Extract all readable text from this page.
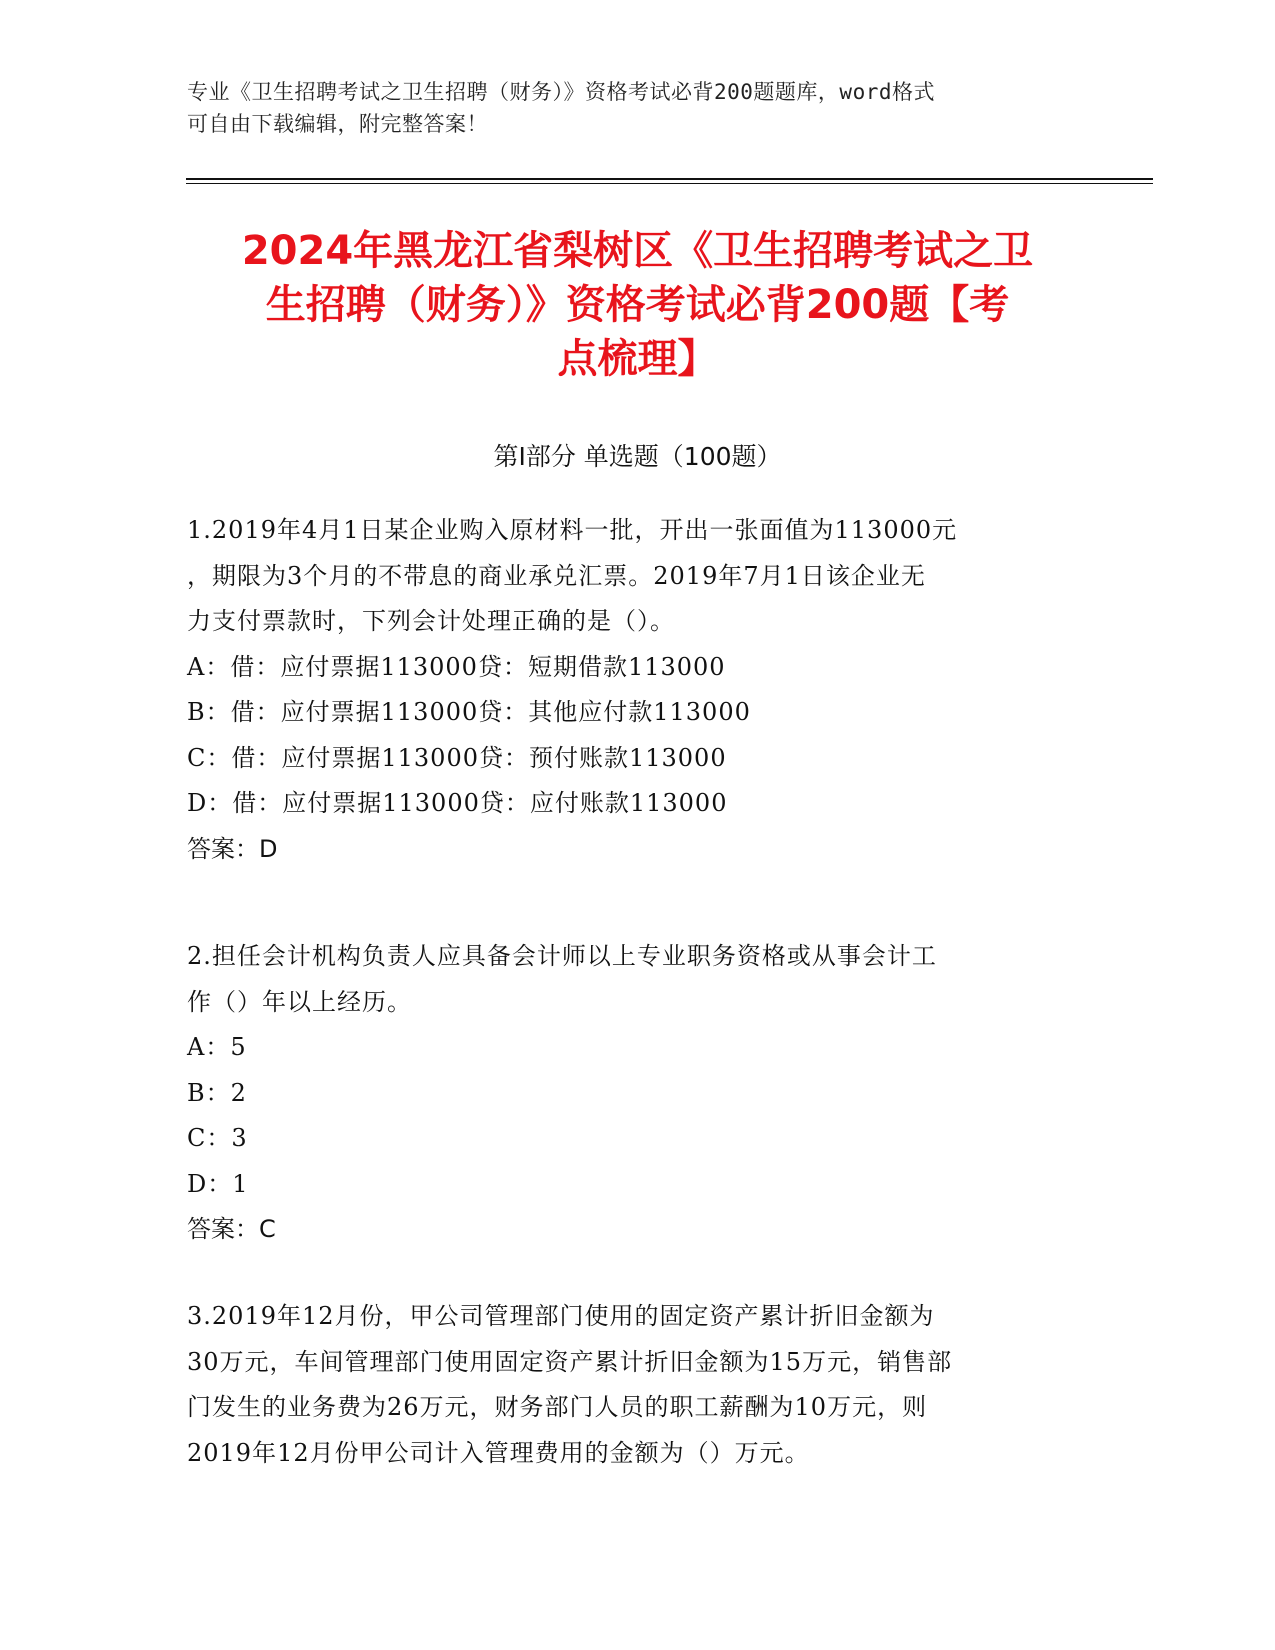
专业《卫生招聘考试之卫生招聘（财务）》资格考试必背200题题库，word格式
可自由下载编辑，附完整答案！
2024年黑龙江省梨树区《卫生招聘考试之卫
生招聘（财务）》资格考试必背200题【考
点梳理】
第Ⅰ部分 单选题（100题）

1.2019年4月1日某企业购入原材料一批，开出一张面值为113000元

，期限为3个月的不带息的商业承兑汇票。2019年7月1日该企业无

力支付票款时，下列会计处理正确的是（）。

A：借：应付票据113000贷：短期借款113000

B：借：应付票据113000贷：其他应付款113000

C：借：应付票据113000贷：预付账款113000

D：借：应付票据113000贷：应付账款113000

答案：D

2.担任会计机构负责人应具备会计师以上专业职务资格或从事会计工

作（）年以上经历。

A：5

B：2

C：3

D：1

答案：C

3.2019年12月份，甲公司管理部门使用的固定资产累计折旧金额为

30万元，车间管理部门使用固定资产累计折旧金额为15万元，销售部

门发生的业务费为26万元，财务部门人员的职工薪酬为10万元，则

2019年12月份甲公司计入管理费用的金额为（）万元。
